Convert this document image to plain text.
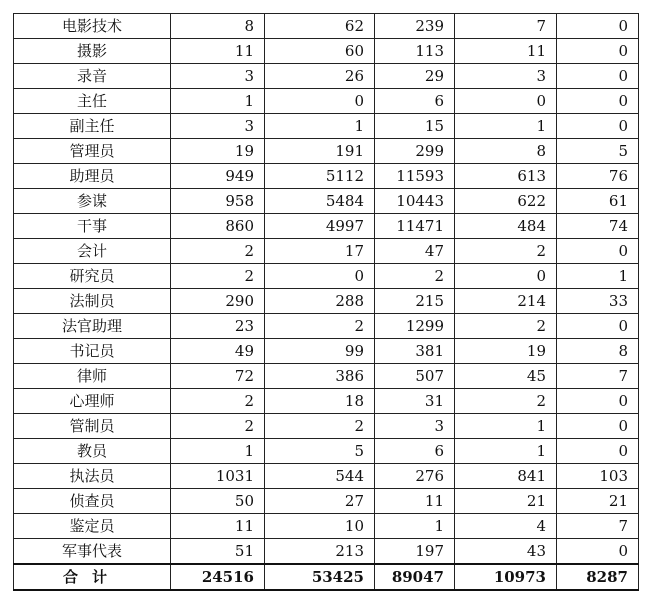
电影技术	8	62	239	7	0
摄影	11	60	113	11	0
录音	3	26	29	3	0
主任	1	0	6	0	0
副主任	3	1	15	1	0
管理员	19	191	299	8	5
助理员	949	5112	11593	613	76
参谋	958	5484	10443	622	61
干事	860	4997	11471	484	74
会计	2	17	47	2	0
研究员	2	0	2	0	1
法制员	290	288	215	214	33
法官助理	23	2	1299	2	0
书记员	49	99	381	19	8
律师	72	386	507	45	7
心理师	2	18	31	2	0
管制员	2	2	3	1	0
教员	1	5	6	1	0
执法员	1031	544	276	841	103
侦查员	50	27	11	21	21
鉴定员	11	10	1	4	7
军事代表	51	213	197	43	0
合计	24516	53425	89047	10973	8287
